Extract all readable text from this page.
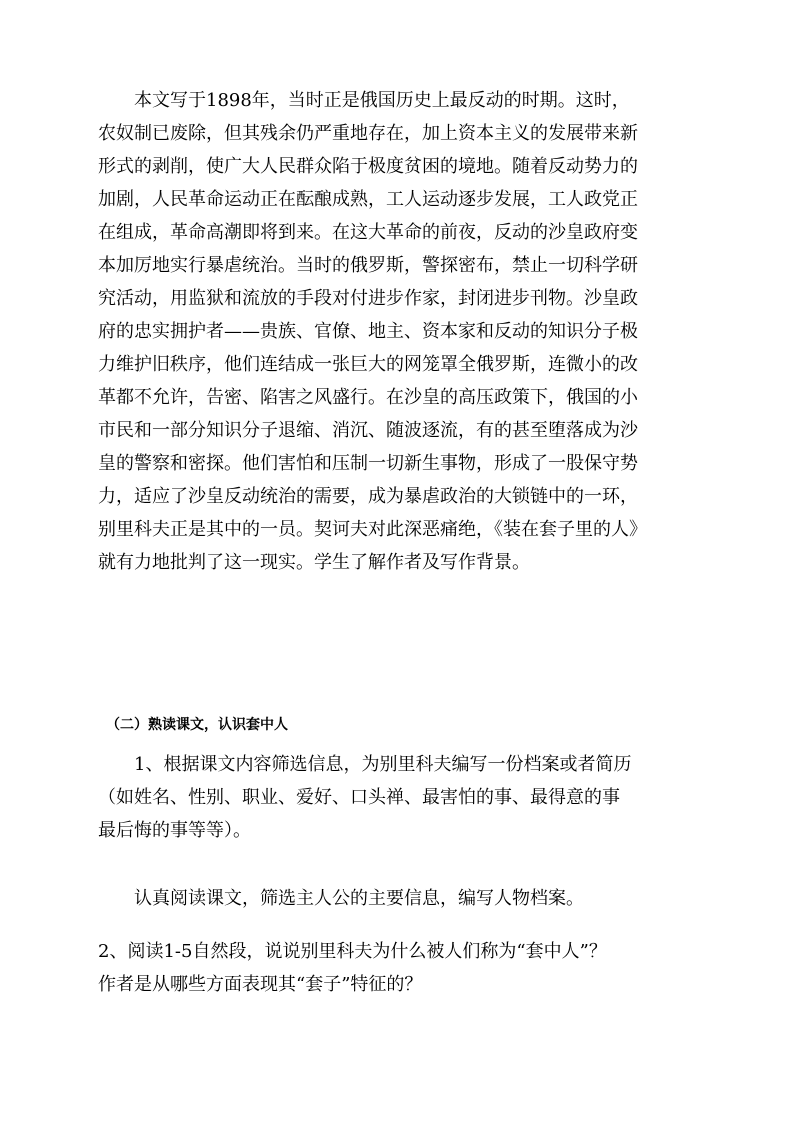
　　本文写于1898年，当时正是俄国历史上最反动的时期。这时，
农奴制已废除，但其残余仍严重地存在，加上资本主义的发展带来新
形式的剥削，使广大人民群众陷于极度贫困的境地。随着反动势力的
加剧，人民革命运动正在酝酿成熟，工人运动逐步发展，工人政党正
在组成，革命高潮即将到来。在这大革命的前夜，反动的沙皇政府变
本加厉地实行暴虐统治。当时的俄罗斯，警探密布，禁止一切科学研
究活动，用监狱和流放的手段对付进步作家，封闭进步刊物。沙皇政
府的忠实拥护者——贵族、官僚、地主、资本家和反动的知识分子极
力维护旧秩序，他们连结成一张巨大的网笼罩全俄罗斯，连微小的改
革都不允许，告密、陷害之风盛行。在沙皇的高压政策下，俄国的小
市民和一部分知识分子退缩、消沉、随波逐流，有的甚至堕落成为沙
皇的警察和密探。他们害怕和压制一切新生事物，形成了一股保守势
力，适应了沙皇反动统治的需要，成为暴虐政治的大锁链中的一环，
别里科夫正是其中的一员。契诃夫对此深恶痛绝，《装在套子里的人》
就有力地批判了这一现实。学生了解作者及写作背景。

（二）熟读课文，认识套中人

　　1、根据课文内容筛选信息，为别里科夫编写一份档案或者简历
（如姓名、性别、职业、爱好、口头禅、最害怕的事、最得意的事
最后悔的事等等）。
　　认真阅读课文，筛选主人公的主要信息，编写人物档案。
2、阅读1-5自然段，说说别里科夫为什么被人们称为“套中人”？
作者是从哪些方面表现其“套子”特征的？
